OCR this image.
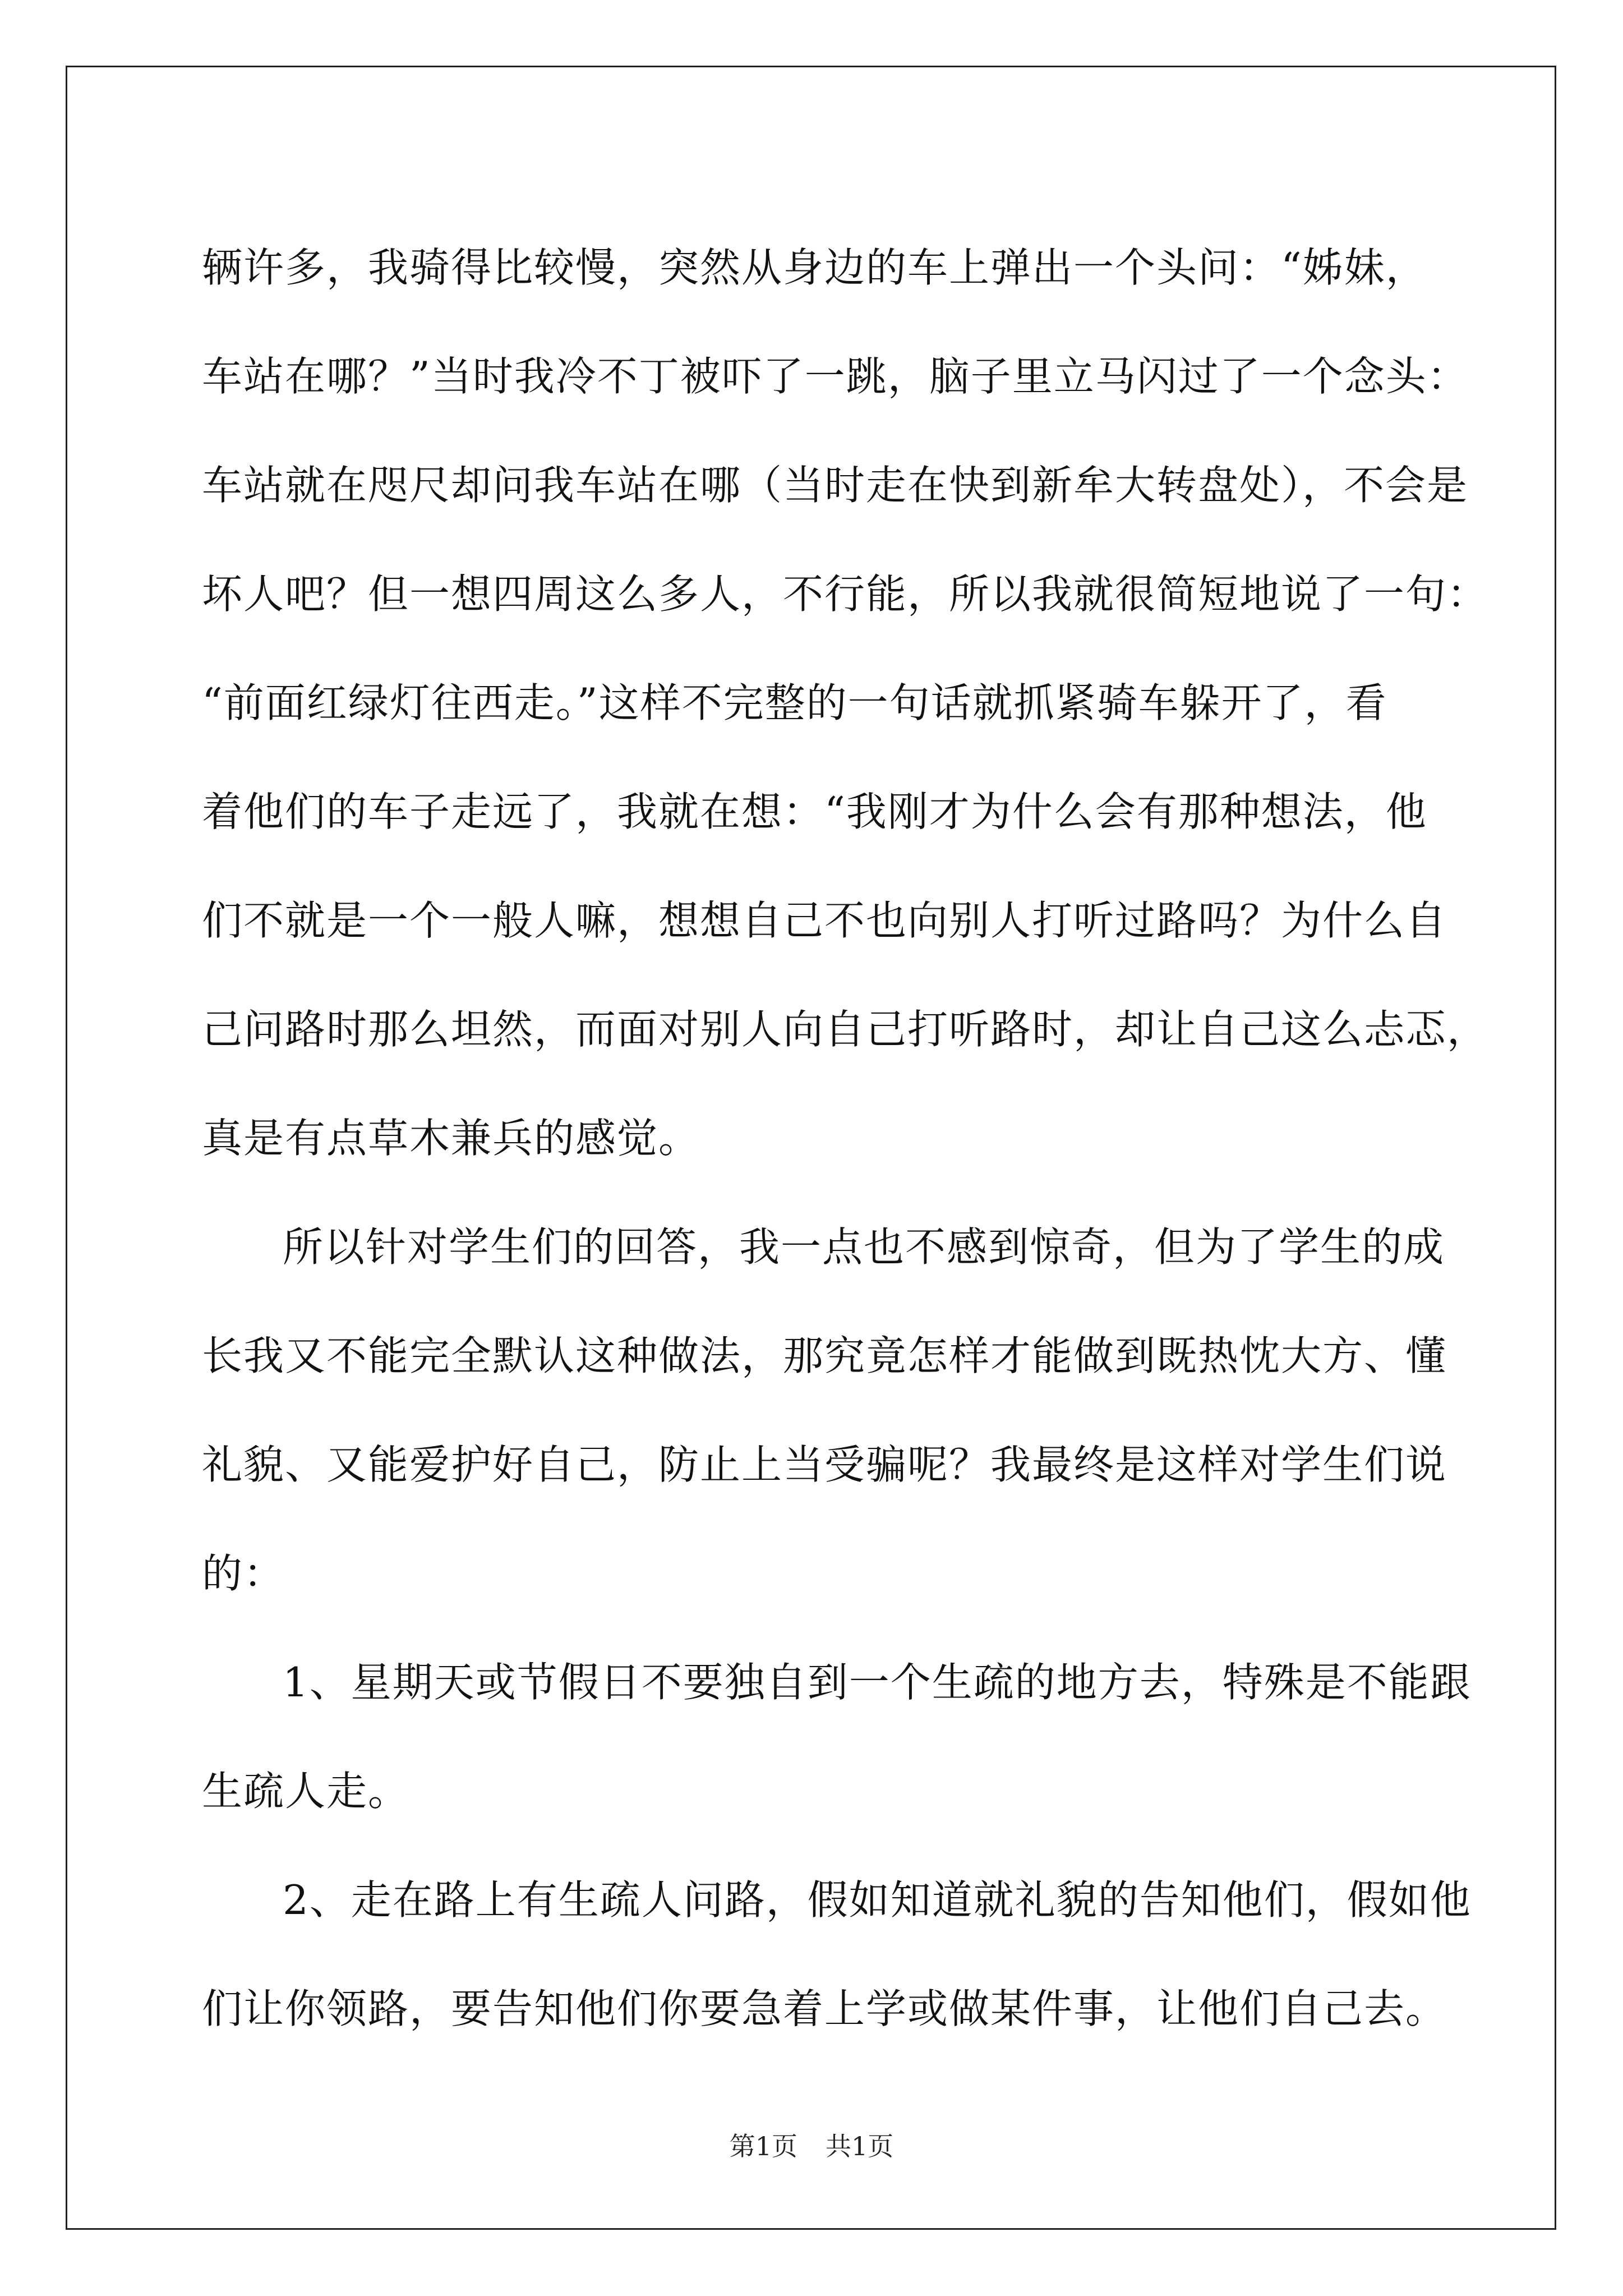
辆许多，我骑得比较慢，突然从身边的车上弹出一个头问：“姊妹，
车站在哪？”当时我冷不丁被吓了一跳，脑子里立马闪过了一个念头：
车站就在咫尺却问我车站在哪（当时走在快到新牟大转盘处），不会是
坏人吧？但一想四周这么多人，不行能，所以我就很简短地说了一句：
“前面红绿灯往西走。”这样不完整的一句话就抓紧骑车躲开了，看
着他们的车子走远了，我就在想：“我刚才为什么会有那种想法，他
们不就是一个一般人嘛，想想自己不也向别人打听过路吗？为什么自
己问路时那么坦然，而面对别人向自己打听路时，却让自己这么忐忑，
真是有点草木兼兵的感觉。
所以针对学生们的回答，我一点也不感到惊奇，但为了学生的成
长我又不能完全默认这种做法，那究竟怎样才能做到既热忱大方、懂
礼貌、又能爱护好自己，防止上当受骗呢？我最终是这样对学生们说
的：
1、星期天或节假日不要独自到一个生疏的地方去，特殊是不能跟
生疏人走。
2、走在路上有生疏人问路，假如知道就礼貌的告知他们，假如他
们让你领路，要告知他们你要急着上学或做某件事，让他们自己去。
第1页 共1页
